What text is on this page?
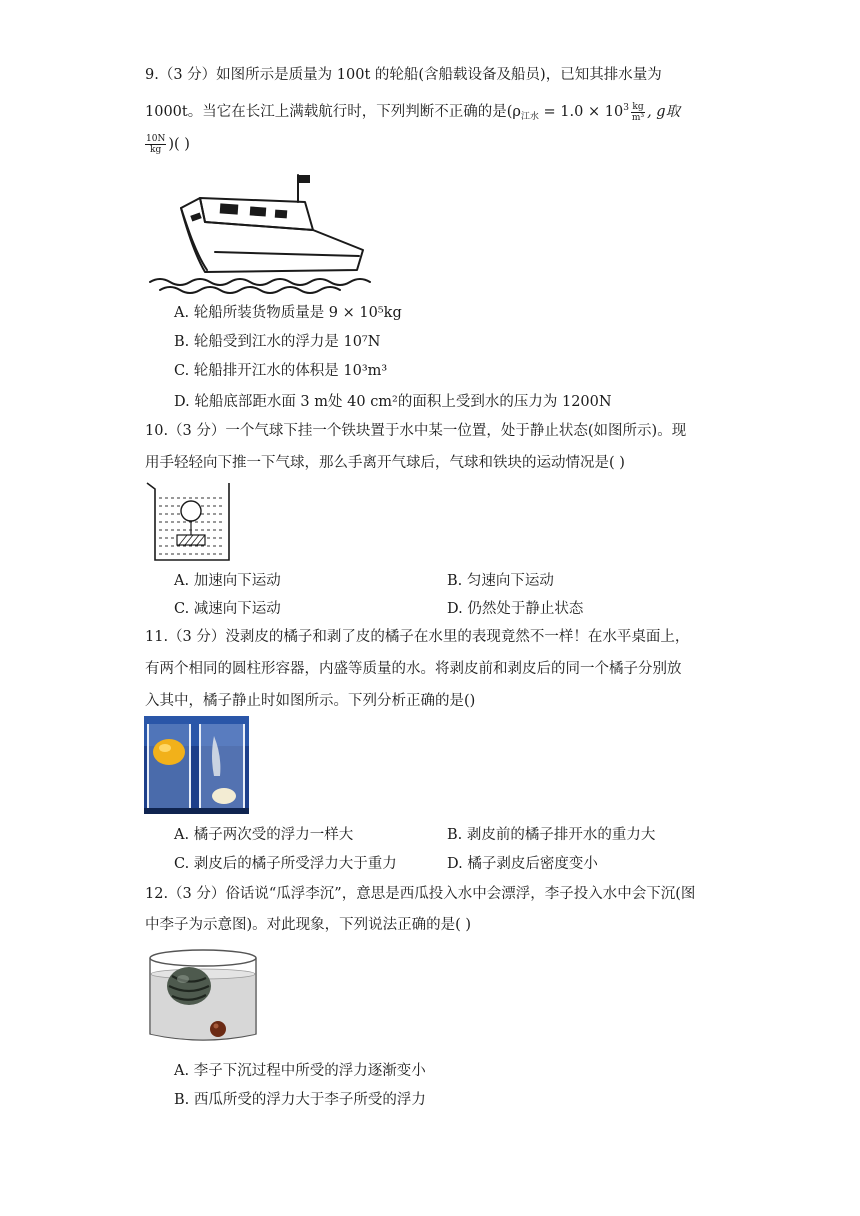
9.（3 分）如图所示是质量为 100t 的轮船(含船载设备及船员)，已知其排水量为
1000t。当它在长江上满载航行时，下列判断不正确的是($\rho_{江水} = 1.0 \times 10^3 \frac{kg}{\text{m³}}$ , g取
$\frac{10N}{kg}$ )( )
A. 轮船所装货物质量是 9 × 10⁵kg
B. 轮船受到江水的浮力是 10⁷N
C. 轮船排开江水的体积是 10³m³
D. 轮船底部距水面 3 m处 40 cm²的面积上受到水的压力为 1200N
10.（3 分）一个气球下挂一个铁块置于水中某一位置，处于静止状态(如图所示)。现
用手轻轻向下推一下气球，那么手离开气球后，气球和铁块的运动情况是( )
A. 加速向下运动	B. 匀速向下运动
C. 减速向下运动	D. 仍然处于静止状态
11.（3 分）没剥皮的橘子和剥了皮的橘子在水里的表现竟然不一样！在水平桌面上，
有两个相同的圆柱形容器，内盛等质量的水。将剥皮前和剥皮后的同一个橘子分别放
入其中，橘子静止时如图所示。下列分析正确的是()
A. 橘子两次受的浮力一样大	B. 剥皮前的橘子排开水的重力大
C. 剥皮后的橘子所受浮力大于重力	D. 橘子剥皮后密度变小
12.（3 分）俗话说“瓜浮李沉”，意思是西瓜投入水中会漂浮，李子投入水中会下沉(图
中李子为示意图)。对此现象，下列说法正确的是( )
A. 李子下沉过程中所受的浮力逐渐变小
B. 西瓜所受的浮力大于李子所受的浮力
